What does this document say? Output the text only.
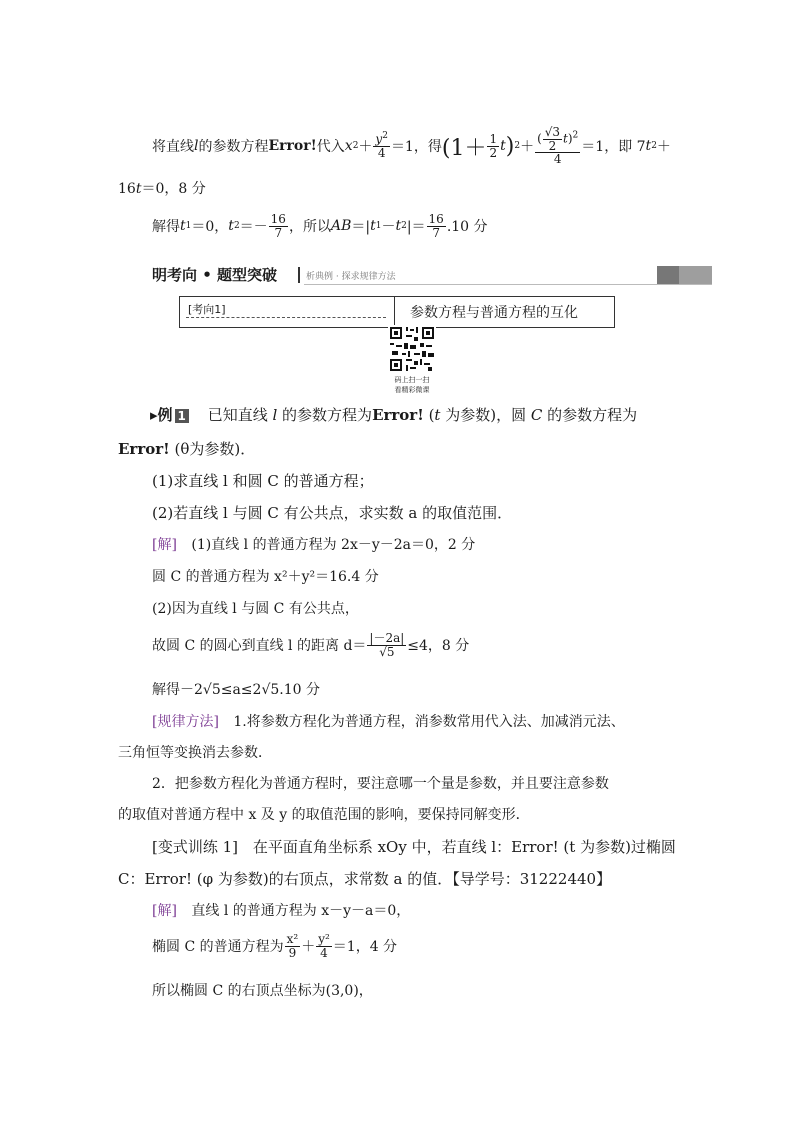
将直线 l 的参数方程 Error! 代入 x $2 + \frac{y^2}{4} =1$，得 ($1+ \frac{1}{2}$ t ) $2 + \frac{( \frac{√3}{2} t)^2}{4} =1$，即 7 t 2 ＋
16t＝0，8 分
解得 t 1 ＝0， t $2 =- \frac{16}{7}$ ，所以 AB ＝| t 1 － t 2 |＝ $\frac{16}{7} .10$ 分
明考向 • 题型突破	析典例 · 探求规律方法
[考向1]	参数方程与普通方程的互化
码上扫一扫
看精彩微课
▸例 1 已知直线 l 的参数方程为Error! (t 为参数)，圆 C 的参数方程为
Error! (θ为参数)．
(1)求直线 l 和圆 C 的普通方程；
(2)若直线 l 与圆 C 有公共点，求实数 a 的取值范围．
[解] (1)直线 l 的普通方程为 2x－y－2a＝0，2 分
圆 C 的普通方程为 x²＋y²＝16.4 分
(2)因为直线 l 与圆 C 有公共点，
故圆 C 的圆心到直线 l 的距离 $d= \frac{|-2a|}{√5} \le 4$，8 分
解得－2√5≤a≤2√5.10 分
[规律方法] 1.将参数方程化为普通方程，消参数常用代入法、加减消元法、
三角恒等变换消去参数．
2．把参数方程化为普通方程时，要注意哪一个量是参数，并且要注意参数
的取值对普通方程中 x 及 y 的取值范围的影响，要保持同解变形．
[变式训练 1] 在平面直角坐标系 xOy 中，若直线 l：Error! (t 为参数)过椭圆
C：Error! (φ 为参数)的右顶点，求常数 a 的值．【导学号：31222440】
[解] 直线 l 的普通方程为 x－y－a＝0，
椭圆 C 的普通方程为 $\frac{\text{x²}}{9} + \frac{\text{y²}}{4} =1$，4 分
所以椭圆 C 的右顶点坐标为(3,0)，
